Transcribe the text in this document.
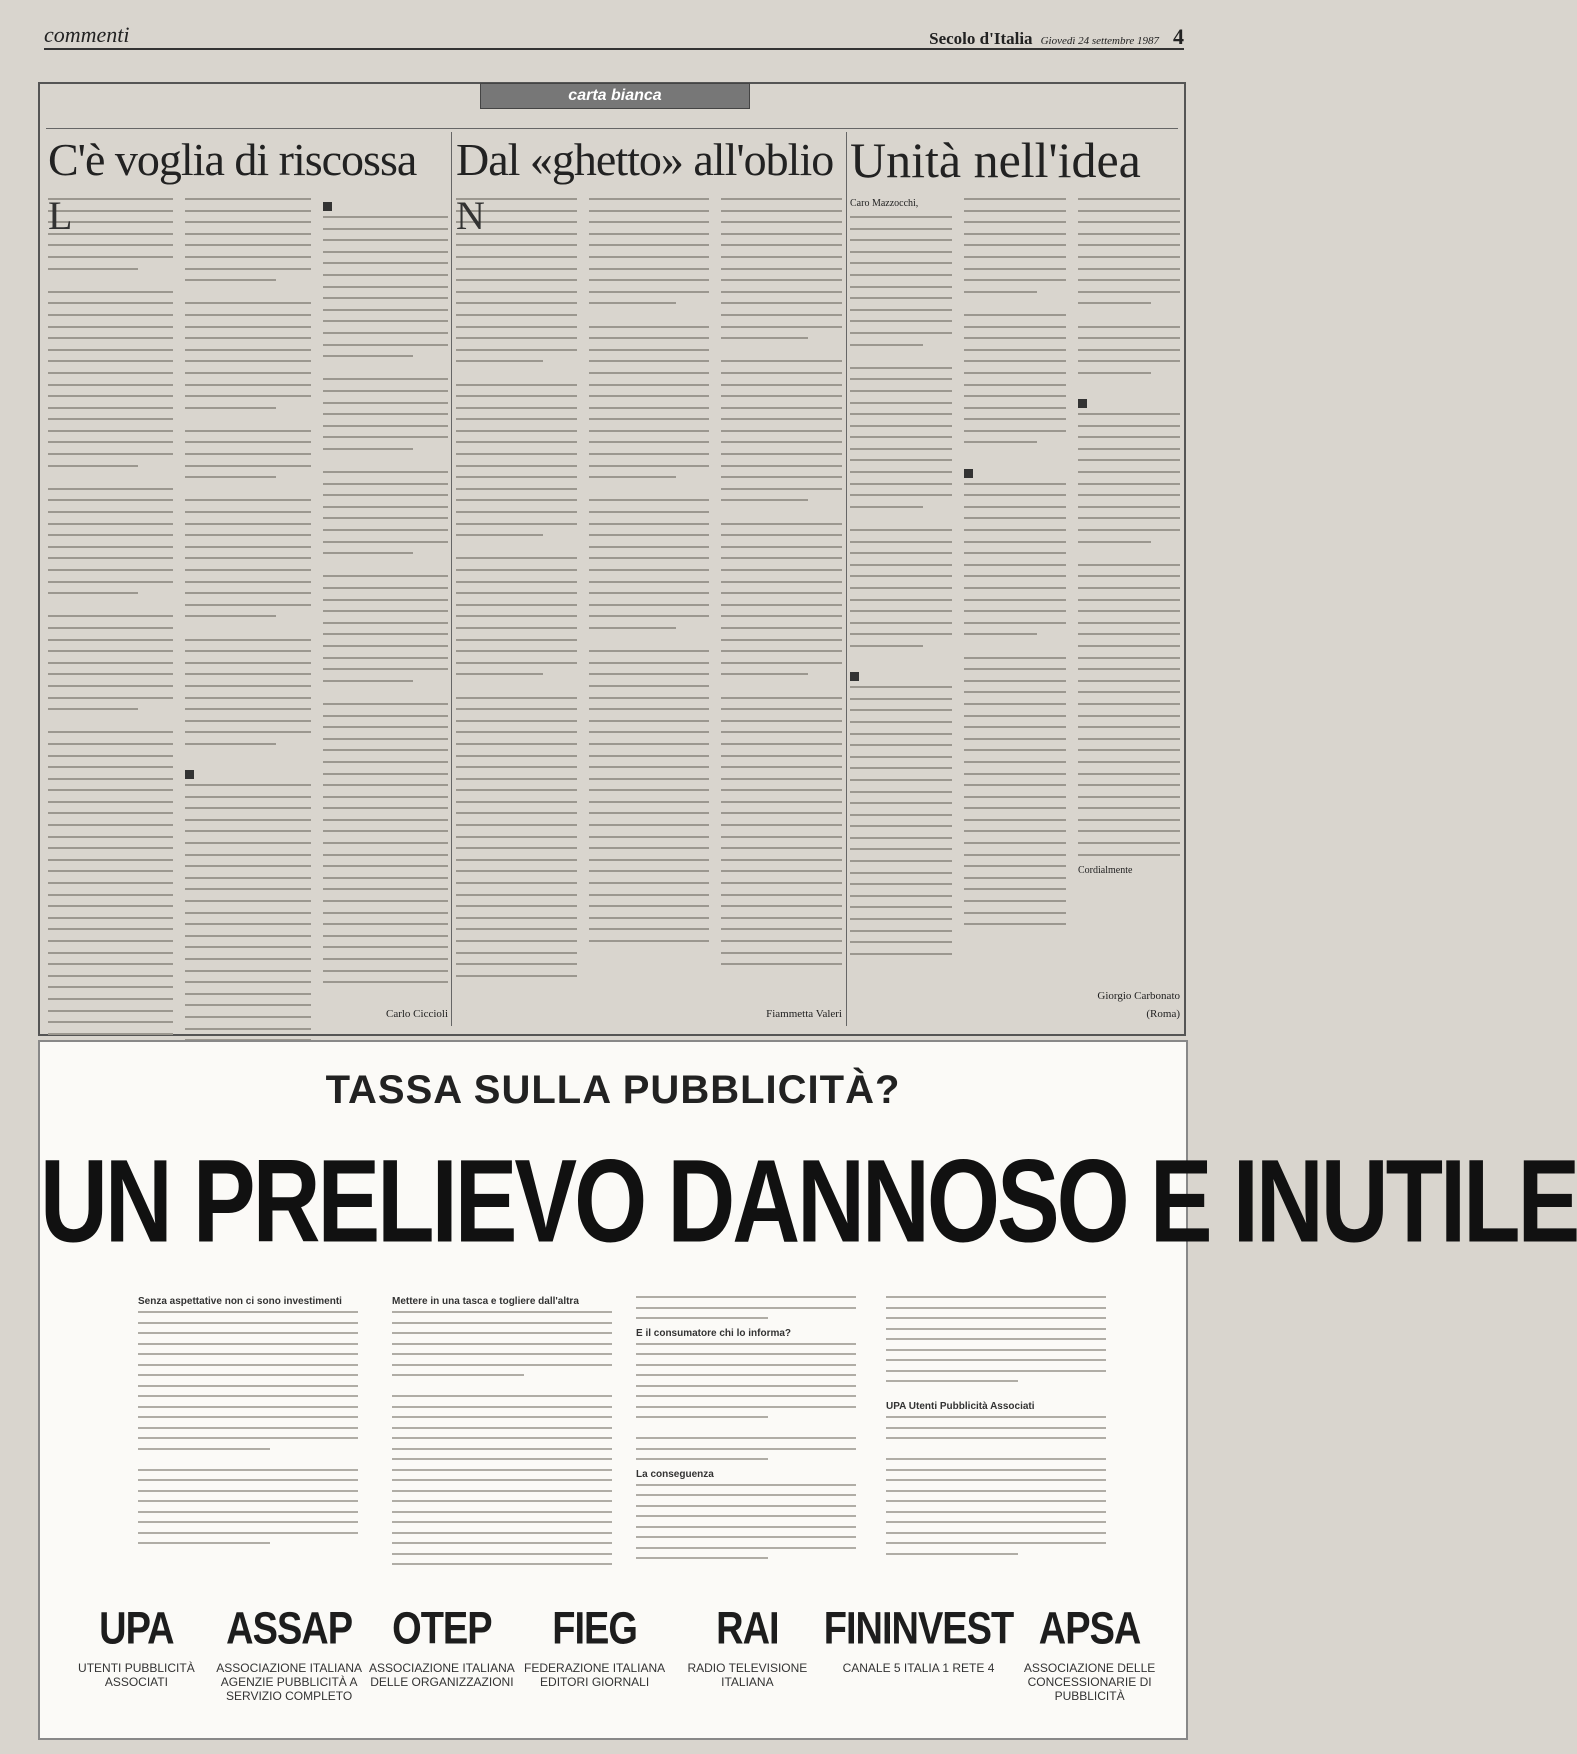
commenti	Secolo d'Italia Giovedì 24 settembre 1987 4
carta bianca
C'è voglia di riscossa
L
Carlo Ciccioli
Dal «ghetto» all'oblio
N
Fiammetta Valeri
Unità nell'idea
Caro Mazzocchi,
Cordialmente
Giorgio Carbonato
(Roma)
TASSA SULLA PUBBLICITÀ?
UN PRELIEVO DANNOSO E INUTILE
Senza aspettative non ci sono investimenti	Mettere in una tasca e togliere dall'altra
E il consumatore chi lo informa?
La conseguenza
UPA Utenti Pubblicità Associati
UPA
UTENTI PUBBLICITÀ ASSOCIATI
ASSAP
ASSOCIAZIONE ITALIANA AGENZIE PUBBLICITÀ A SERVIZIO COMPLETO
OTEP
ASSOCIAZIONE ITALIANA DELLE ORGANIZZAZIONI
FIEG
FEDERAZIONE ITALIANA EDITORI GIORNALI
RAI
RADIO TELEVISIONE ITALIANA
FININVEST
CANALE 5 ITALIA 1 RETE 4
APSA
ASSOCIAZIONE DELLE CONCESSIONARIE DI PUBBLICITÀ
